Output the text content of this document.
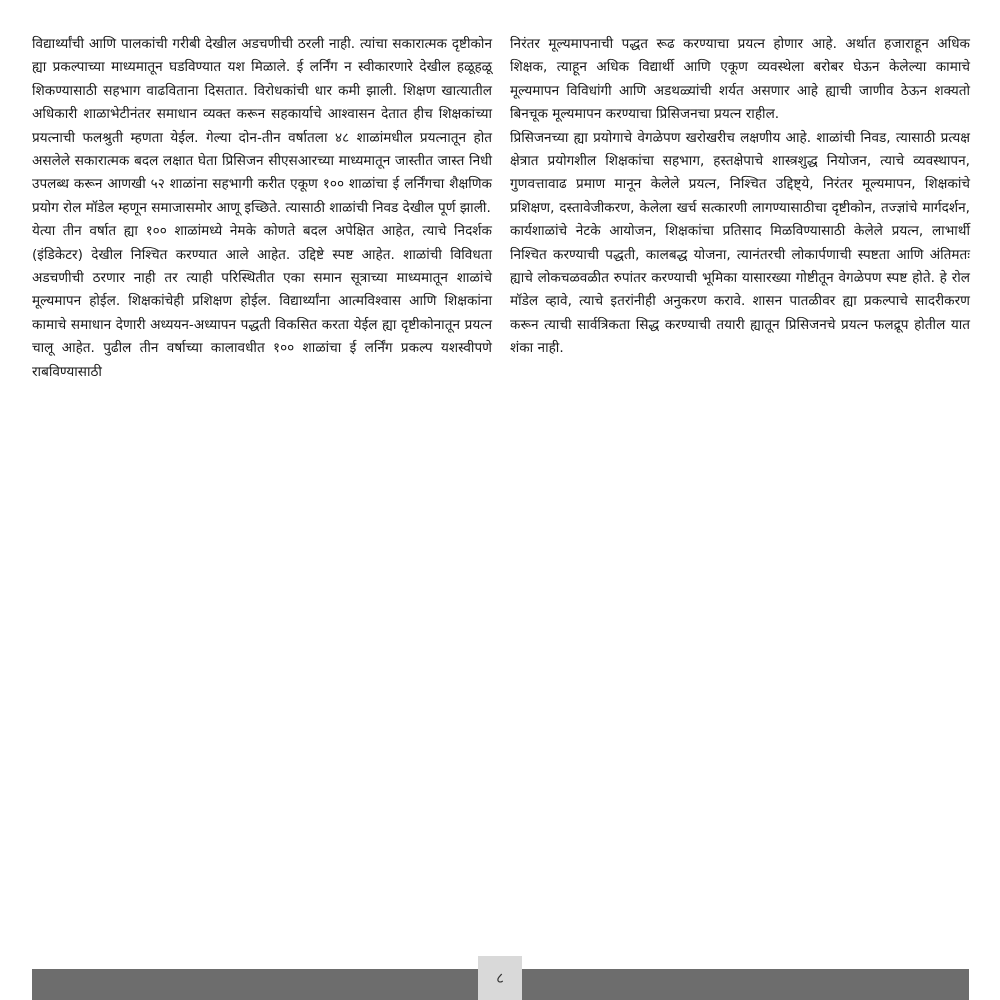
विद्यार्थ्यांची आणि पालकांची गरीबी देखील अडचणीची ठरली नाही. त्यांचा सकारात्मक दृष्टीकोन ह्या प्रकल्पाच्या माध्यमातून घडविण्यात यश मिळाले. ई लर्निंग न स्वीकारणारे देखील हळूहळू शिकण्यासाठी सहभाग वाढविताना दिसतात. विरोधकांची धार कमी झाली. शिक्षण खात्यातील अधिकारी शाळाभेटीनंतर समाधान व्यक्त करून सहकार्याचे आश्वासन देतात हीच शिक्षकांच्या प्रयत्नाची फलश्रुती म्हणता येईल. गेल्या दोन-तीन वर्षातला ४८ शाळांमधील प्रयत्नातून होत असलेले सकारात्मक बदल लक्षात घेता प्रिसिजन सीएसआरच्या माध्यमातून जास्तीत जास्त निधी उपलब्ध करून आणखी ५२ शाळांना सहभागी करीत एकूण १०० शाळांचा ई लर्निंगचा शैक्षणिक प्रयोग रोल मॉडेल म्हणून समाजासमोर आणू इच्छिते. त्यासाठी शाळांची निवड देखील पूर्ण झाली.

येत्या तीन वर्षात ह्या १०० शाळांमध्ये नेमके कोणते बदल अपेक्षित आहेत, त्याचे निदर्शक (इंडिकेटर) देखील निश्चित करण्यात आले आहेत. उद्दिष्टे स्पष्ट आहेत. शाळांची विविधता अडचणीची ठरणार नाही तर त्याही परिस्थितीत एका समान सूत्राच्या माध्यमातून शाळांचे मूल्यमापन होईल. शिक्षकांचेही प्रशिक्षण होईल. विद्यार्थ्यांना आत्मविश्वास आणि शिक्षकांना कामाचे समाधान देणारी अध्ययन-अध्यापन पद्धती विकसित करता येईल ह्या दृष्टीकोनातून प्रयत्न चालू आहेत. पुढील तीन वर्षाच्या कालावधीत १०० शाळांचा ई लर्निंग प्रकल्प यशस्वीपणे राबविण्यासाठी

निरंतर मूल्यमापनाची पद्धत रूढ करण्याचा प्रयत्न होणार आहे. अर्थात हजाराहून अधिक शिक्षक, त्याहून अधिक विद्यार्थी आणि एकूण व्यवस्थेला बरोबर घेऊन केलेल्या कामाचे मूल्यमापन विविधांगी आणि अडथळ्यांची शर्यत असणार आहे ह्याची जाणीव ठेऊन शक्यतो बिनचूक मूल्यमापन करण्याचा प्रिसिजनचा प्रयत्न राहील.

प्रिसिजनच्या ह्या प्रयोगाचे वेगळेपण खरोखरीच लक्षणीय आहे. शाळांची निवड, त्यासाठी प्रत्यक्ष क्षेत्रात प्रयोगशील शिक्षकांचा सहभाग, हस्तक्षेपाचे शास्त्रशुद्ध नियोजन, त्याचे व्यवस्थापन, गुणवत्तावाढ प्रमाण मानून केलेले प्रयत्न, निश्चित उद्दिष्ट्ये, निरंतर मूल्यमापन, शिक्षकांचे प्रशिक्षण, दस्तावेजीकरण, केलेला खर्च सत्कारणी लागण्यासाठीचा दृष्टीकोन, तज्ज्ञांचे मार्गदर्शन, कार्यशाळांचे नेटके आयोजन, शिक्षकांचा प्रतिसाद मिळविण्यासाठी केलेले प्रयत्न, लाभार्थी निश्चित करण्याची पद्धती, कालबद्ध योजना, त्यानंतरची लोकार्पणाची स्पष्टता आणि अंतिमतः ह्याचे लोकचळवळीत रुपांतर करण्याची भूमिका यासारख्या गोष्टीतून वेगळेपण स्पष्ट होते. हे रोल मॉडेल व्हावे, त्याचे इतरांनीही अनुकरण करावे. शासन पातळीवर ह्या प्रकल्पाचे सादरीकरण करून त्याची सार्वत्रिकता सिद्ध करण्याची तयारी ह्यातून प्रिसिजनचे प्रयत्न फलद्रूप होतील यात शंका नाही.

८
